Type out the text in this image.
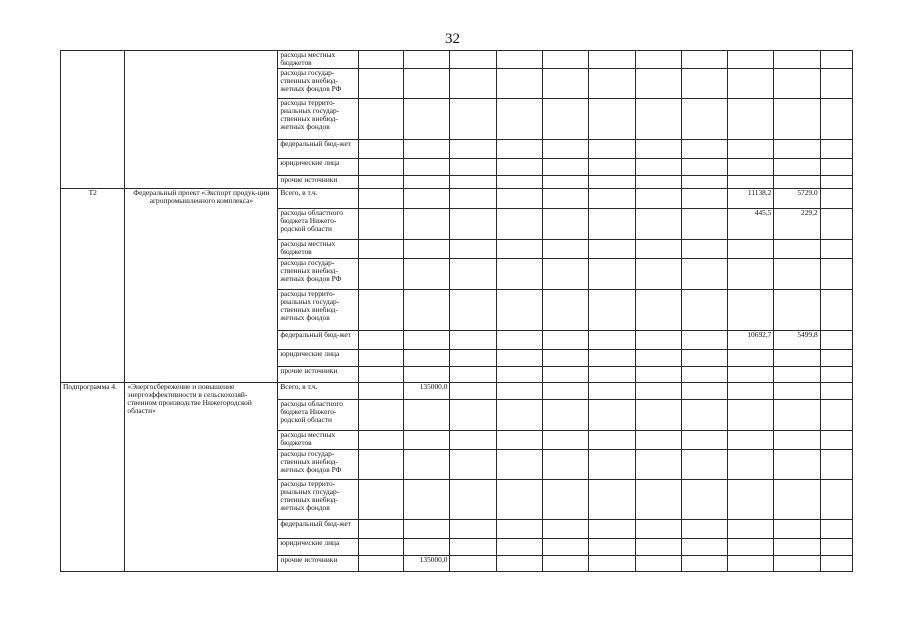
32
		расходы местных бюджетов											
		расходы государ-ственных внебюд-жетных фондов РФ											
		расходы террито-риальных государ-ственных внебюд-жетных фондов											
		федеральный бюд-жет											
		юридические лица											
		прочие источники											
Т2	Федеральный проект «Экспорт продук-ции агропромышленного комплекса»	Всего, в т.ч.									11138,2	5729,0	
		расходы областного бюджета Нижего-родской области									445,5	229,2	
		расходы местных бюджетов											
		расходы государ-ственных внебюд-жетных фондов РФ											
		расходы террито-риальных государ-ственных внебюд-жетных фондов											
		федеральный бюд-жет									10692,7	5499,8	
		юридические лица											
		прочие источники											
Подпрограмма 4.	«Энергосбережение и повышение энергоэффективности в сельскохозяй-ственном производстве Нижегородской области»	Всего, в т.ч.		135000,0									
		расходы областного бюджета Нижего-родской области											
		расходы местных бюджетов											
		расходы государ-ственных внебюд-жетных фондов РФ											
		расходы террито-риальных государ-ственных внебюд-жетных фондов											
		федеральный бюд-жет											
		юридические лица											
		прочие источники		135000,0									
